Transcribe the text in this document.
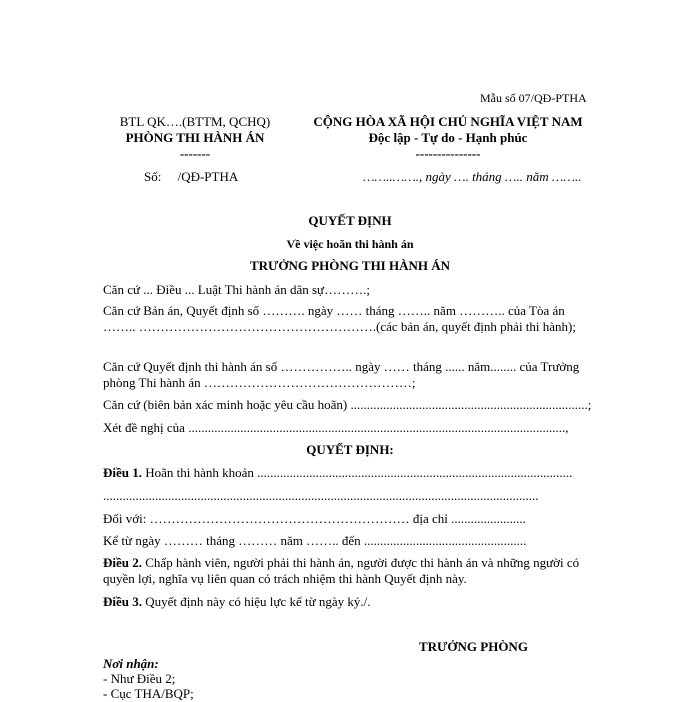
Mẫu số 07/QĐ-PTHA
BTL QK….(BTTM, QCHQ)
PHÒNG THI HÀNH ÁN
-------
Số:     /QĐ-PTHA
CỘNG HÒA XÃ HỘI CHỦ NGHĨA VIỆT NAM
Độc lập - Tự do - Hạnh phúc
---------------
……..……., ngày …. tháng ….. năm ……..
QUYẾT ĐỊNH
Về việc hoãn thi hành án
TRƯỞNG PHÒNG THI HÀNH ÁN
Căn cứ ... Điều ... Luật Thi hành án dân sự……….;
Căn cứ Bản án, Quyết định số ………. ngày …… tháng …….. năm ……….. của Tòa án …….. ……………………………………………….(các bản án, quyết định phải thi hành);
Căn cứ Quyết định thi hành án số …………….. ngày …… tháng ...... năm........ của Trưởng phòng Thi hành án …………………………………………;
Căn cứ (biên bản xác minh hoặc yêu cầu hoãn) .........................................................................;
Xét đề nghị của ....................................................................................................................,
QUYẾT ĐỊNH:
Điều 1. Hoãn thi hành khoản .................................................................................................
......................................................................................................................................
Đối với: …………………………………………………… địa chỉ .......................
Kể từ ngày ……… tháng ……… năm …….. đến ..................................................
Điều 2. Chấp hành viên, người phải thi hành án, người được thi hành án và những người có quyền lợi, nghĩa vụ liên quan có trách nhiệm thi hành Quyết định này.
Điều 3. Quyết định này có hiệu lực kể từ ngày ký./.
TRƯỞNG PHÒNG
Nơi nhận:
- Như Điều 2;
- Cục THA/BQP;
